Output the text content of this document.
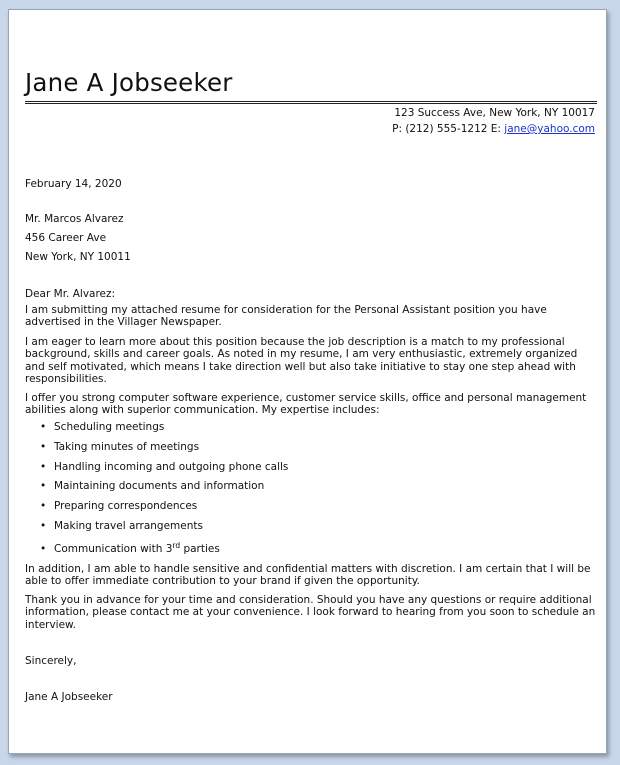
Jane A Jobseeker
123 Success Ave, New York, NY 10017
P: (212) 555-1212 E: jane@yahoo.com
February 14, 2020
Mr. Marcos Alvarez
456 Career Ave
New York, NY 10011
Dear Mr. Alvarez:

I am submitting my attached resume for consideration for the Personal Assistant position you have advertised in the Villager Newspaper.

I am eager to learn more about this position because the job description is a match to my professional background, skills and career goals. As noted in my resume, I am very enthusiastic, extremely organized and self motivated, which means I take direction well but also take initiative to stay one step ahead with responsibilities.

I offer you strong computer software experience, customer service skills, office and personal management abilities along with superior communication. My expertise includes:

• Scheduling meetings
• Taking minutes of meetings
• Handling incoming and outgoing phone calls
• Maintaining documents and information
• Preparing correspondences
• Making travel arrangements
• Communication with 3rd parties

In addition, I am able to handle sensitive and confidential matters with discretion. I am certain that I will be able to offer immediate contribution to your brand if given the opportunity.

Thank you in advance for your time and consideration. Should you have any questions or require additional information, please contact me at your convenience. I look forward to hearing from you soon to schedule an interview.

Sincerely,
Jane A Jobseeker
